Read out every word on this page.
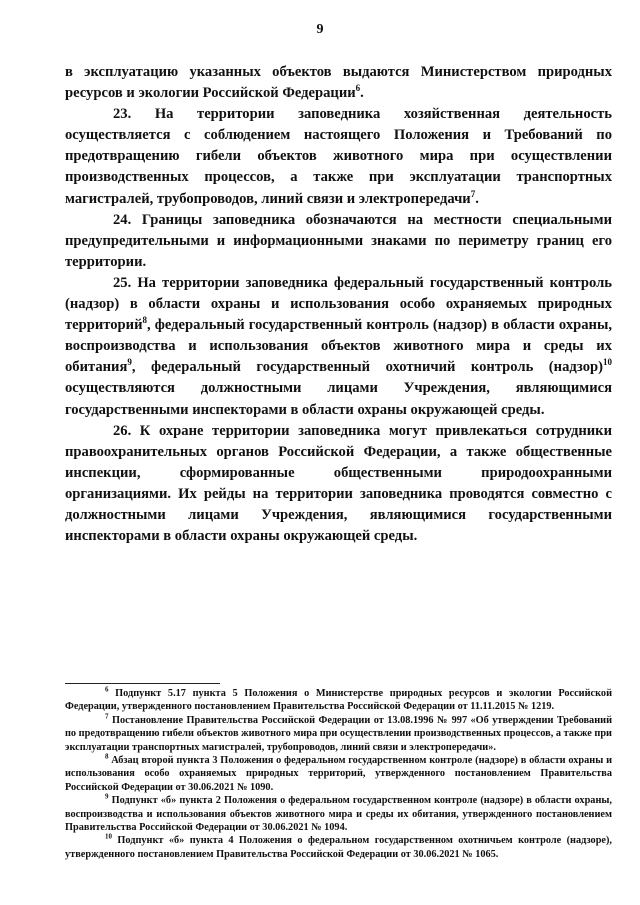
9

в эксплуатацию указанных объектов выдаются Министерством природных ресурсов и экологии Российской Федерации$^6$.

23. На территории заповедника хозяйственная деятельность осуществляется с соблюдением настоящего Положения и Требований по предотвращению гибели объектов животного мира при осуществлении производственных процессов, а также при эксплуатации транспортных магистралей, трубопроводов, линий связи и электропередачи$^7$.

24. Границы заповедника обозначаются на местности специальными предупредительными и информационными знаками по периметру границ его территории.

25. На территории заповедника федеральный государственный контроль (надзор) в области охраны и использования особо охраняемых природных территорий$^8$, федеральный государственный контроль (надзор) в области охраны, воспроизводства и использования объектов животного мира и среды их обитания$^9$, федеральный государственный охотничий контроль (надзор)$^{10}$ осуществляются должностными лицами Учреждения, являющимися государственными инспекторами в области охраны окружающей среды.

26. К охране территории заповедника могут привлекаться сотрудники правоохранительных органов Российской Федерации, а также общественные инспекции, сформированные общественными природоохранными организациями. Их рейды на территории заповедника проводятся совместно с должностными лицами Учреждения, являющимися государственными инспекторами в области охраны окружающей среды.

$^6$ Подпункт 5.17 пункта 5 Положения о Министерстве природных ресурсов и экологии Российской Федерации, утвержденного постановлением Правительства Российской Федерации от 11.11.2015 № 1219.

$^7$ Постановление Правительства Российской Федерации от 13.08.1996 № 997 «Об утверждении Требований по предотвращению гибели объектов животного мира при осуществлении производственных процессов, а также при эксплуатации транспортных магистралей, трубопроводов, линий связи и электропередачи».

$^8$ Абзац второй пункта 3 Положения о федеральном государственном контроле (надзоре) в области охраны и использования особо охраняемых природных территорий, утвержденного постановлением Правительства Российской Федерации от 30.06.2021 № 1090.

$^9$ Подпункт «б» пункта 2 Положения о федеральном государственном контроле (надзоре) в области охраны, воспроизводства и использования объектов животного мира и среды их обитания, утвержденного постановлением Правительства Российской Федерации от 30.06.2021 № 1094.

$^{10}$ Подпункт «б» пункта 4 Положения о федеральном государственном охотничьем контроле (надзоре), утвержденного постановлением Правительства Российской Федерации от 30.06.2021 № 1065.
